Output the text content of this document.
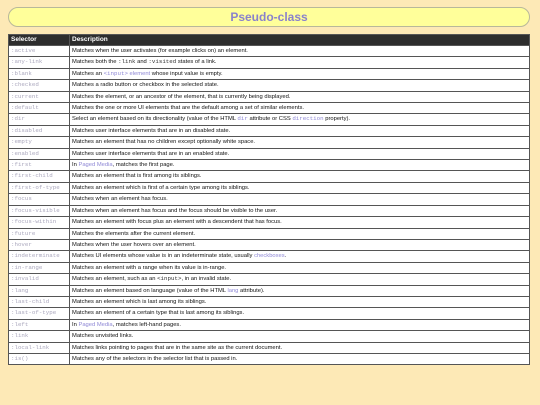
Pseudo-class
Selector	Description
:active	Matches when the user activates (for example clicks on) an element.
:any-link	Matches both the :link and :visited states of a link.
:blank	Matches an <input> element whose input value is empty.
:checked	Matches a radio button or checkbox in the selected state.
:current	Matches the element, or an ancestor of the element, that is currently being displayed.
:default	Matches the one or more UI elements that are the default among a set of similar elements.
:dir	Select an element based on its directionality (value of the HTML dir attribute or CSS direction property).
:disabled	Matches user interface elements that are in an disabled state.
:empty	Matches an element that has no children except optionally white space.
:enabled	Matches user interface elements that are in an enabled state.
:first	In Paged Media, matches the first page.
:first-child	Matches an element that is first among its siblings.
:first-of-type	Matches an element which is first of a certain type among its siblings.
:focus	Matches when an element has focus.
:focus-visible	Matches when an element has focus and the focus should be visible to the user.
:focus-within	Matches an element with focus plus an element with a descendent that has focus.
:future	Matches the elements after the current element.
:hover	Matches when the user hovers over an element.
:indeterminate	Matches UI elements whose value is in an indeterminate state, usually checkboxes.
:in-range	Matches an element with a range when its value is in-range.
:invalid	Matches an element, such as an <input>, in an invalid state.
:lang	Matches an element based on language (value of the HTML lang attribute).
:last-child	Matches an element which is last among its siblings.
:last-of-type	Matches an element of a certain type that is last among its siblings.
:left	In Paged Media, matches left-hand pages.
:link	Matches unvisited links.
:local-link	Matches links pointing to pages that are in the same site as the current document.
:is()	Matches any of the selectors in the selector list that is passed in.
